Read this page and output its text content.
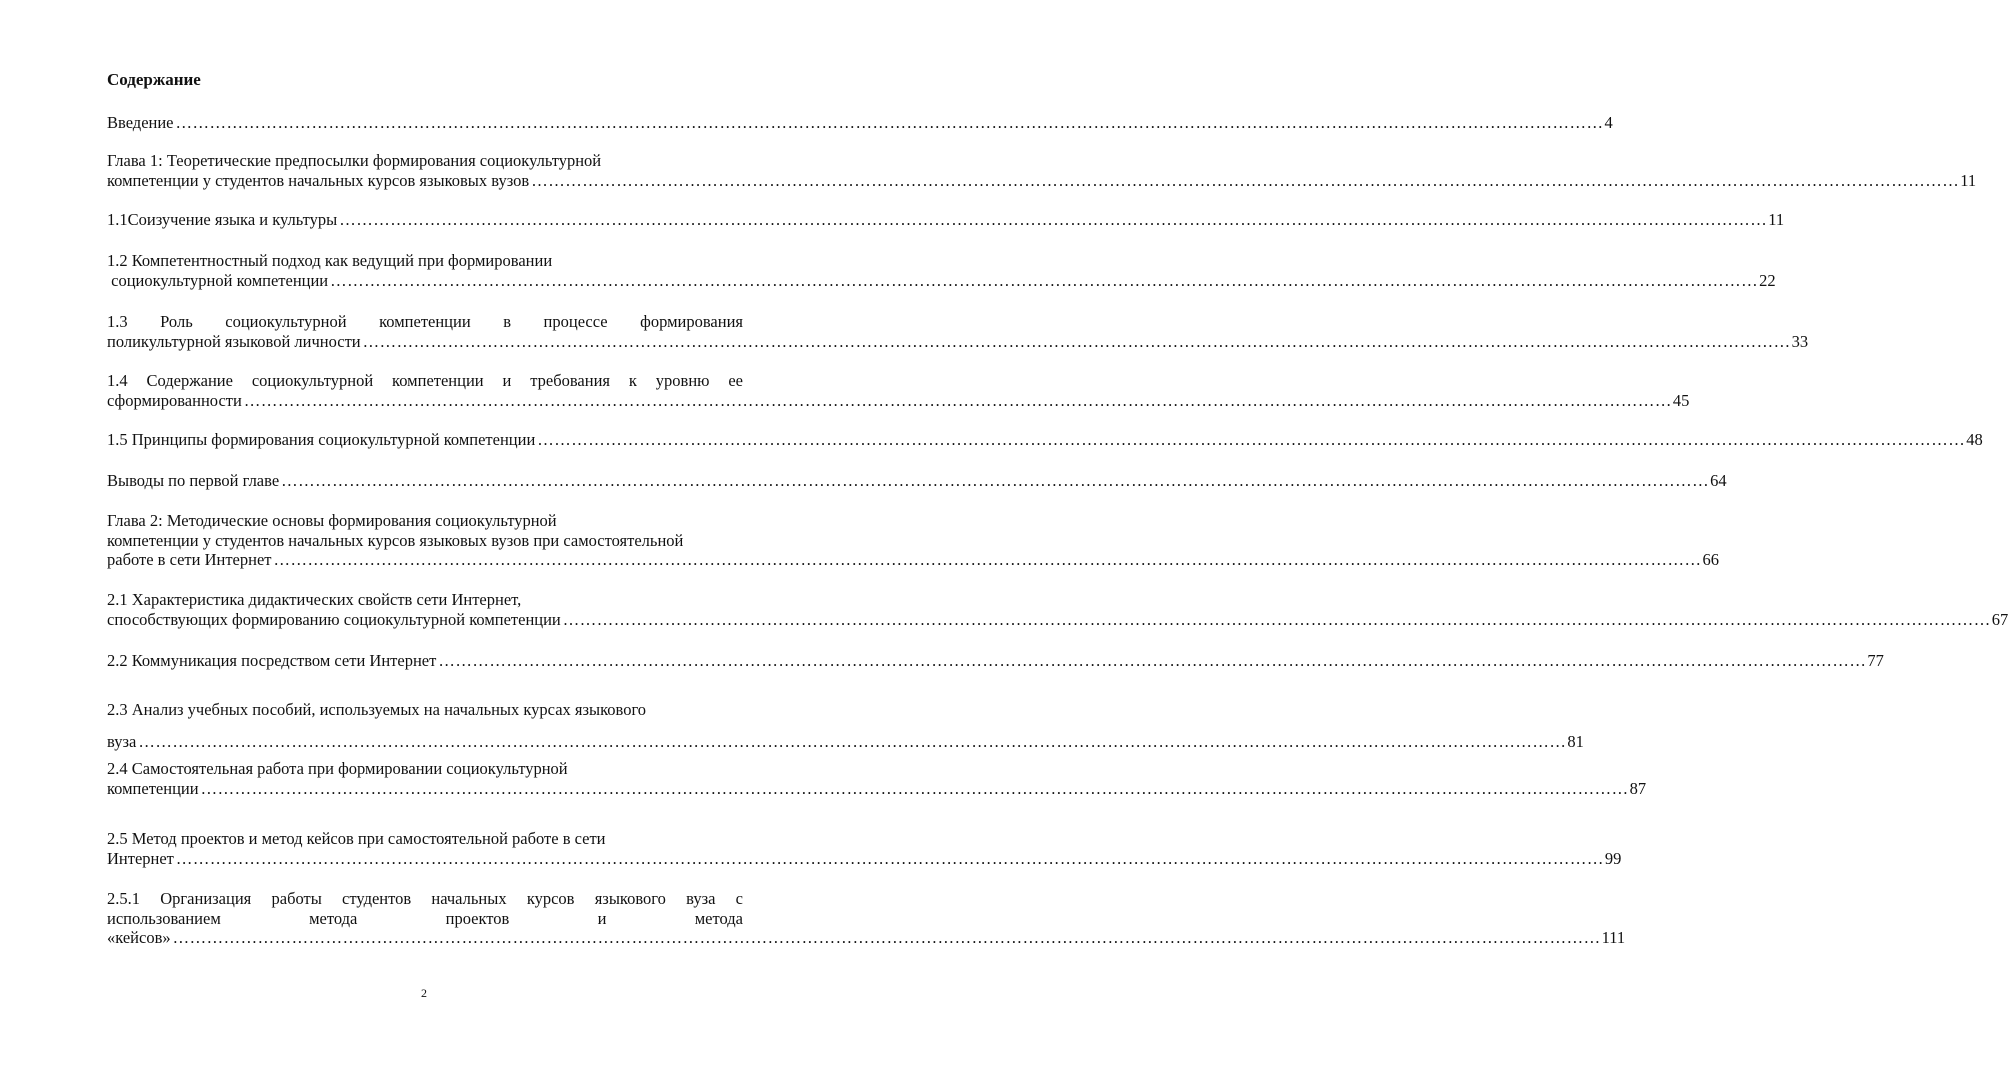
Содержание
Введение ……………………………………………………………………………………………………………………………………………………………………………………………………………………………… 4
Глава 1: Теоретические предпосылки формирования социокультурной
компетенции у студентов начальных курсов языковых вузов ……………………………………………………………………………………………………………………………………………………………………………………………………………………………… 11
1.1Соизучение языка и культуры ……………………………………………………………………………………………………………………………………………………………………………………………………………………………… 11
1.2 Компетентностный подход как ведущий при формировании
социокультурной компетенции ……………………………………………………………………………………………………………………………………………………………………………………………………………………………… 22
1.3 Роль социокультурной компетенции в процессе формирования
поликультурной языковой личности ……………………………………………………………………………………………………………………………………………………………………………………………………………………………… 33
1.4 Содержание социокультурной компетенции и требования к уровню ее
сформированности ……………………………………………………………………………………………………………………………………………………………………………………………………………………………… 45
1.5 Принципы формирования социокультурной компетенции ……………………………………………………………………………………………………………………………………………………………………………………………………………………………… 48
Выводы по первой главе ……………………………………………………………………………………………………………………………………………………………………………………………………………………………… 64
Глава 2: Методические основы формирования социокультурной
компетенции у студентов начальных курсов языковых вузов при самостоятельной
работе в сети Интернет ……………………………………………………………………………………………………………………………………………………………………………………………………………………………… 66
2.1 Характеристика дидактических свойств сети Интернет,
способствующих формированию социокультурной компетенции ……………………………………………………………………………………………………………………………………………………………………………………………………………………………… 67
2.2 Коммуникация посредством сети Интернет ……………………………………………………………………………………………………………………………………………………………………………………………………………………………… 77
2.3 Анализ учебных пособий, используемых на начальных курсах языкового
вуза ……………………………………………………………………………………………………………………………………………………………………………………………………………………………… 81
2.4 Самостоятельная работа при формировании социокультурной
компетенции ……………………………………………………………………………………………………………………………………………………………………………………………………………………………… 87
2.5 Метод проектов и метод кейсов при самостоятельной работе в сети
Интернет ……………………………………………………………………………………………………………………………………………………………………………………………………………………………… 99
2.5.1 Организация работы студентов начальных курсов языкового вуза с
использованием метода проектов и метода
«кейсов» ……………………………………………………………………………………………………………………………………………………………………………………………………………………………… 111
2
